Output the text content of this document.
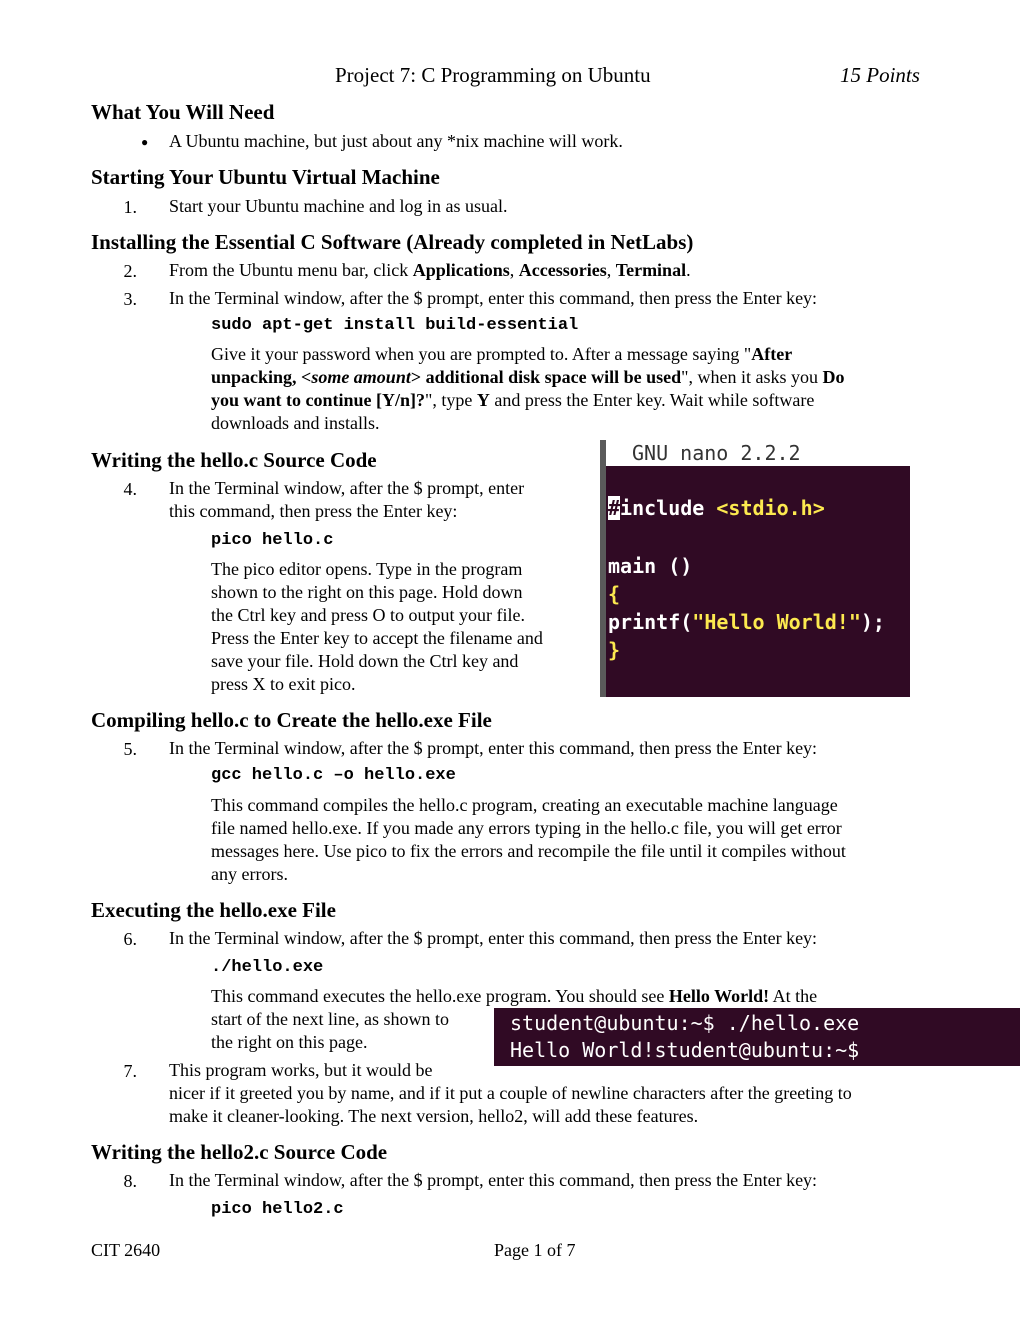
Project 7: C Programming on Ubuntu	15 Points
What You Will Need
● A Ubuntu machine, but just about any *nix machine will work.
Starting Your Ubuntu Virtual Machine
1. Start your Ubuntu machine and log in as usual.
Installing the Essential C Software (Already completed in NetLabs)
2. From the Ubuntu menu bar, click Applications, Accessories, Terminal.
3. In the Terminal window, after the $ prompt, enter this command, then press the Enter key:
sudo apt-get install build-essential
Give it your password when you are prompted to. After a message saying "After
unpacking, <some amount> additional disk space will be used", when it asks you Do
you want to continue [Y/n]?", type Y and press the Enter key. Wait while software
downloads and installs.
Writing the hello.c Source Code
4. In the Terminal window, after the $ prompt, enter
this command, then press the Enter key:
pico hello.c
The pico editor opens. Type in the program
shown to the right on this page. Hold down
the Ctrl key and press O to output your file.
Press the Enter key to accept the filename and
save your file. Hold down the Ctrl key and
press X to exit pico.
GNU nano 2.2.2
#include <stdio.h>
main ()
{
printf("Hello World!");
}
Compiling hello.c to Create the hello.exe File
5. In the Terminal window, after the $ prompt, enter this command, then press the Enter key:
gcc hello.c –o hello.exe
This command compiles the hello.c program, creating an executable machine language
file named hello.exe. If you made any errors typing in the hello.c file, you will get error
messages here. Use pico to fix the errors and recompile the file until it compiles without
any errors.
Executing the hello.exe File
6. In the Terminal window, after the $ prompt, enter this command, then press the Enter key:
./hello.exe
This command executes the hello.exe program. You should see Hello World! At the
start of the next line, as shown to
the right on this page.
student@ubuntu:~$ ./hello.exe
Hello World!student@ubuntu:~$
7. This program works, but it would be
nicer if it greeted you by name, and if it put a couple of newline characters after the greeting to
make it cleaner-looking. The next version, hello2, will add these features.
Writing the hello2.c Source Code
8. In the Terminal window, after the $ prompt, enter this command, then press the Enter key:
pico hello2.c
CIT 2640	Page 1 of 7
